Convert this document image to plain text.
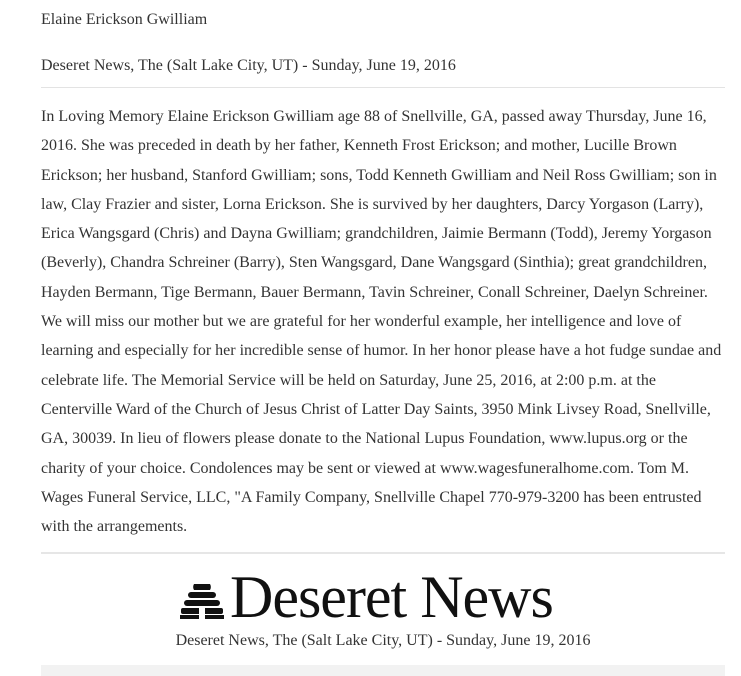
Elaine Erickson Gwilliam
Deseret News, The (Salt Lake City, UT) - Sunday, June 19, 2016

In Loving Memory Elaine Erickson Gwilliam age 88 of Snellville, GA, passed away Thursday, June 16, 2016. She was preceded in death by her father, Kenneth Frost Erickson; and mother, Lucille Brown Erickson; her husband, Stanford Gwilliam; sons, Todd Kenneth Gwilliam and Neil Ross Gwilliam; son in law, Clay Frazier and sister, Lorna Erickson. She is survived by her daughters, Darcy Yorgason (Larry), Erica Wangsgard (Chris) and Dayna Gwilliam; grandchildren, Jaimie Bermann (Todd), Jeremy Yorgason (Beverly), Chandra Schreiner (Barry), Sten Wangsgard, Dane Wangsgard (Sinthia); great grandchildren, Hayden Bermann, Tige Bermann, Bauer Bermann, Tavin Schreiner, Conall Schreiner, Daelyn Schreiner. We will miss our mother but we are grateful for her wonderful example, her intelligence and love of learning and especially for her incredible sense of humor. In her honor please have a hot fudge sundae and celebrate life. The Memorial Service will be held on Saturday, June 25, 2016, at 2:00 p.m. at the Centerville Ward of the Church of Jesus Christ of Latter Day Saints, 3950 Mink Livsey Road, Snellville, GA, 30039. In lieu of flowers please donate to the National Lupus Foundation, www.lupus.org or the charity of your choice. Condolences may be sent or viewed at www.wagesfuneralhome.com. Tom M. Wages Funeral Service, LLC, "A Family Company, Snellville Chapel 770-979-3200 has been entrusted with the arrangements.

Deseret News
Deseret News, The (Salt Lake City, UT) - Sunday, June 19, 2016
